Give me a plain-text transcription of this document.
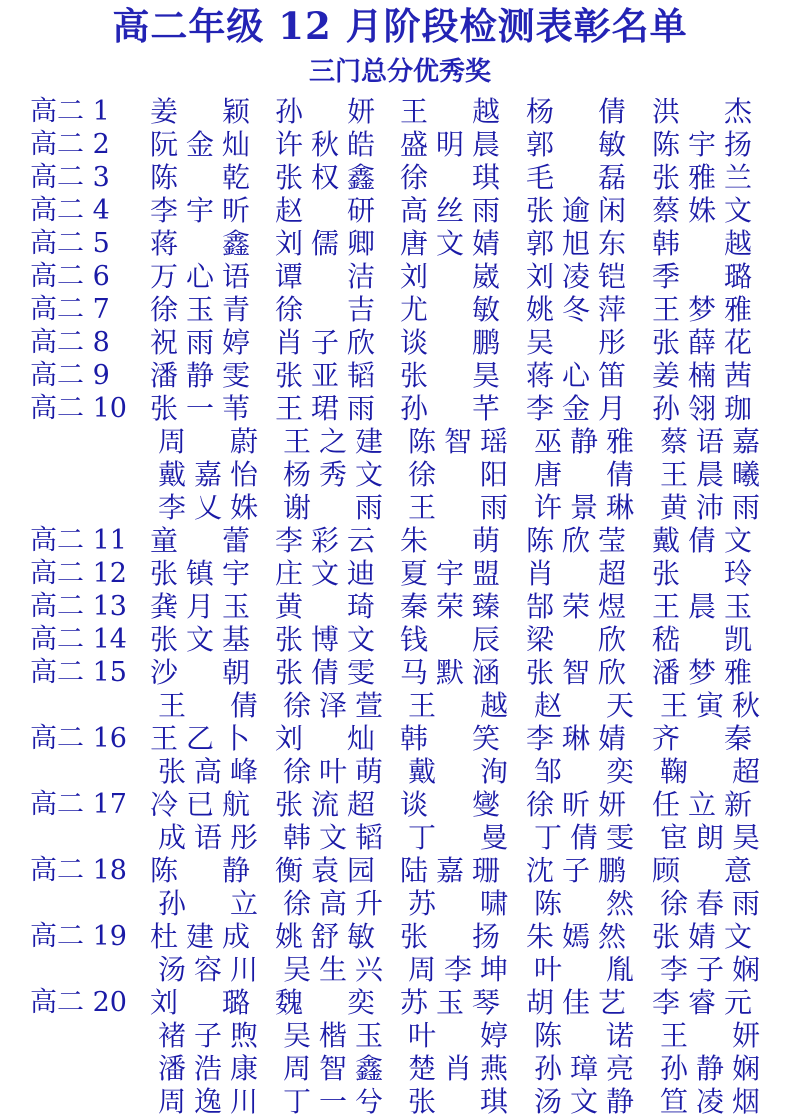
高二年级 12 月阶段检测表彰名单
三门总分优秀奖
高二 1	姜　颖 孙　妍 王　越 杨　倩 洪　杰
高二 2	阮金灿 许秋皓 盛明晨 郭　敏 陈宇扬
高二 3	陈　乾 张权鑫 徐　琪 毛　磊 张雅兰
高二 4	李宇昕 赵　研 高丝雨 张逾闲 蔡姝文
高二 5	蒋　鑫 刘儒卿 唐文婧 郭旭东 韩　越
高二 6	万心语 谭　洁 刘　崴 刘凌铠 季　璐
高二 7	徐玉青 徐　吉 尤　敏 姚冬萍 王梦雅
高二 8	祝雨婷 肖子欣 谈　鹏 吴　彤 张薛花
高二 9	潘静雯 张亚韬 张　昊 蒋心笛 姜楠茜
高二 10 张一苇 王珺雨 孙　芊 李金月 孙翎珈
周　蔚 王之建 陈智瑶 巫静雅 蔡语嘉
戴嘉怡 杨秀文 徐　阳 唐　倩 王晨曦
李乂姝 谢　雨 王　雨 许景琳 黄沛雨
高二 11 童　蕾 李彩云 朱　萌 陈欣莹 戴倩文
高二 12 张镇宇 庄文迪 夏宇盟 肖　超 张　玲
高二 13 龚月玉 黄　琦 秦荣臻 郜荣煜 王晨玉
高二 14 张文基 张博文 钱　辰 梁　欣 嵇　凯
高二 15 沙　朝 张倩雯 马默涵 张智欣 潘梦雅
王　倩 徐泽萱 王　越 赵　天 王寅秋
高二 16 王乙卜 刘　灿 韩　笑 李琳婧 齐　秦
张高峰 徐叶萌 戴　洵 邹　奕 鞠　超
高二 17 冷已航 张流超 谈　燮 徐昕妍 任立新
成语彤 韩文韬 丁　曼 丁倩雯 宦朗昊
高二 18 陈　静 衡袁园 陆嘉珊 沈子鹏 顾　意
孙　立 徐高升 苏　啸 陈　然 徐春雨
高二 19 杜建成 姚舒敏 张　扬 朱嫣然 张婧文
汤容川 吴生兴 周李坤 叶　胤 李子娴
高二 20 刘　璐 魏　奕 苏玉琴 胡佳艺 李睿元
褚子煦 吴楷玉 叶　婷 陈　诺 王　妍
潘浩康 周智鑫 楚肖燕 孙璋亮 孙静娴
周逸川 丁一兮 张　琪 汤文静 笪凌烟
